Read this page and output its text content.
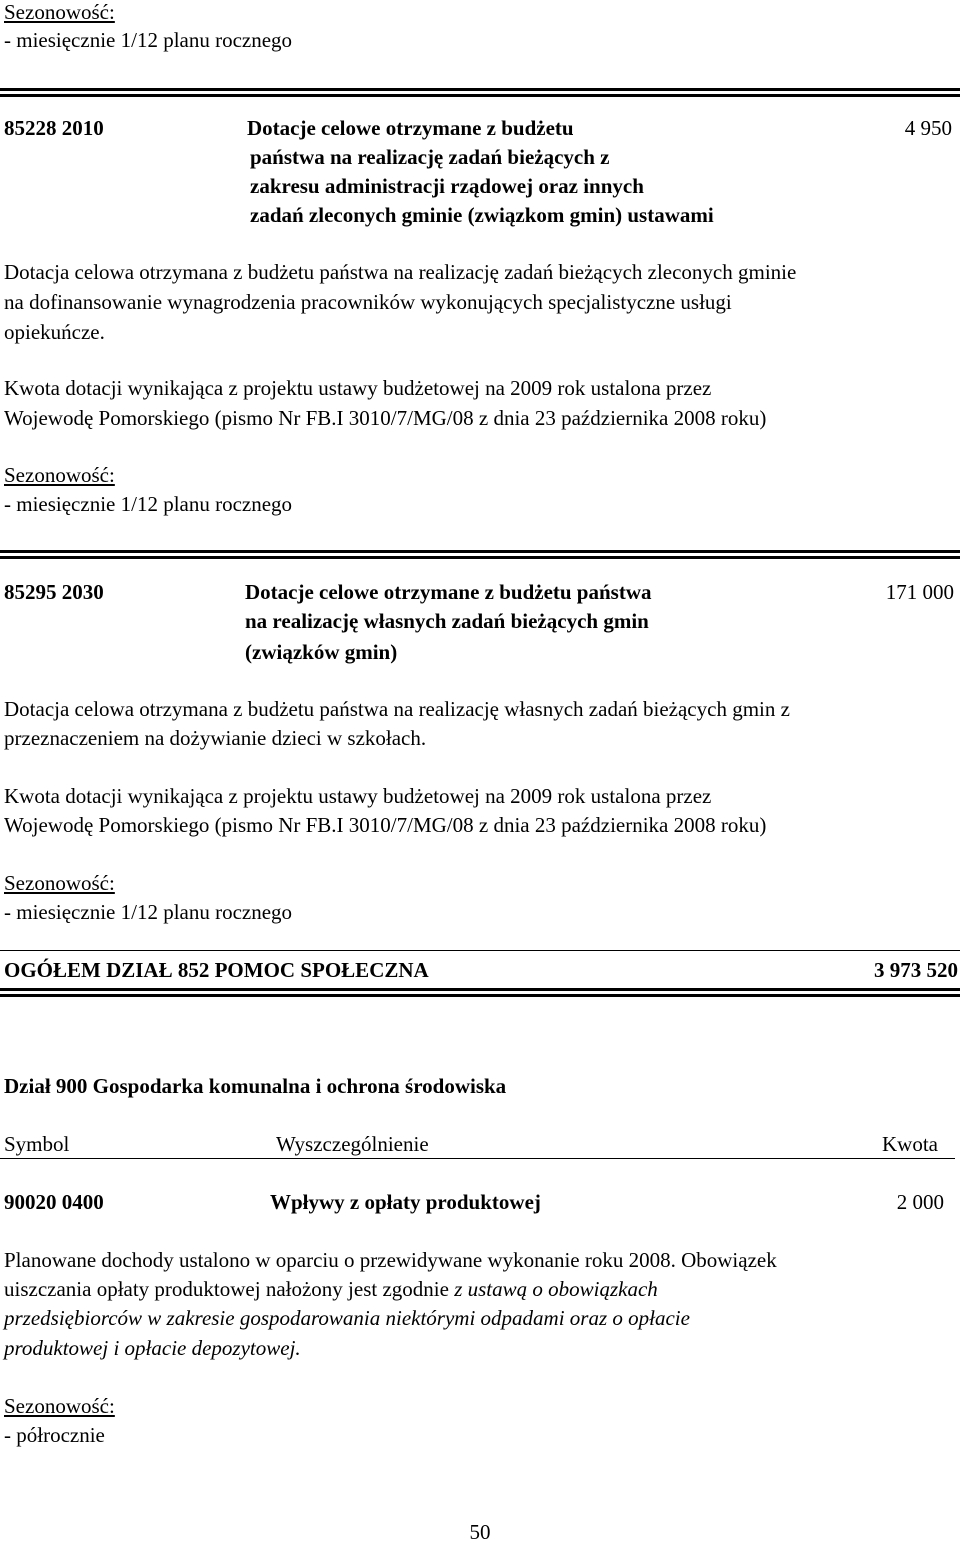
Sezonowość:
- miesięcznie 1/12 planu rocznego
85228 2010	Dotacje celowe otrzymane z budżetu
państwa na realizację zadań bieżących z
zakresu administracji rządowej oraz innych
zadań zleconych gminie (związkom gmin) ustawami
4 950
Dotacja celowa otrzymana z budżetu państwa na realizację zadań bieżących zleconych gminie
na dofinansowanie wynagrodzenia pracowników wykonujących specjalistyczne usługi
opiekuńcze.
Kwota dotacji wynikająca z projektu ustawy budżetowej na 2009 rok ustalona przez
Wojewodę Pomorskiego (pismo Nr FB.I 3010/7/MG/08 z dnia 23 października 2008 roku)
Sezonowość:
- miesięcznie 1/12 planu rocznego
85295 2030	Dotacje celowe otrzymane z budżetu państwa
na realizację własnych zadań bieżących gmin
(związków gmin)
171 000
Dotacja celowa otrzymana z budżetu państwa na realizację własnych zadań bieżących gmin z
przeznaczeniem na dożywianie dzieci w szkołach.
Kwota dotacji wynikająca z projektu ustawy budżetowej na 2009 rok ustalona przez
Wojewodę Pomorskiego (pismo Nr FB.I 3010/7/MG/08 z dnia 23 października 2008 roku)
Sezonowość:
- miesięcznie 1/12 planu rocznego
OGÓŁEM DZIAŁ 852 POMOC SPOŁECZNA	3 973 520
Dział 900 Gospodarka komunalna i ochrona środowiska
Symbol	Wyszczególnienie	Kwota
90020 0400	Wpływy z opłaty produktowej	2 000
Planowane dochody ustalono w oparciu o przewidywane wykonanie roku 2008. Obowiązek
uiszczania opłaty produktowej nałożony jest zgodnie z ustawą o obowiązkach
przedsiębiorców w zakresie gospodarowania niektórymi odpadami oraz o opłacie
produktowej i opłacie depozytowej.
Sezonowość:
- półrocznie
50
